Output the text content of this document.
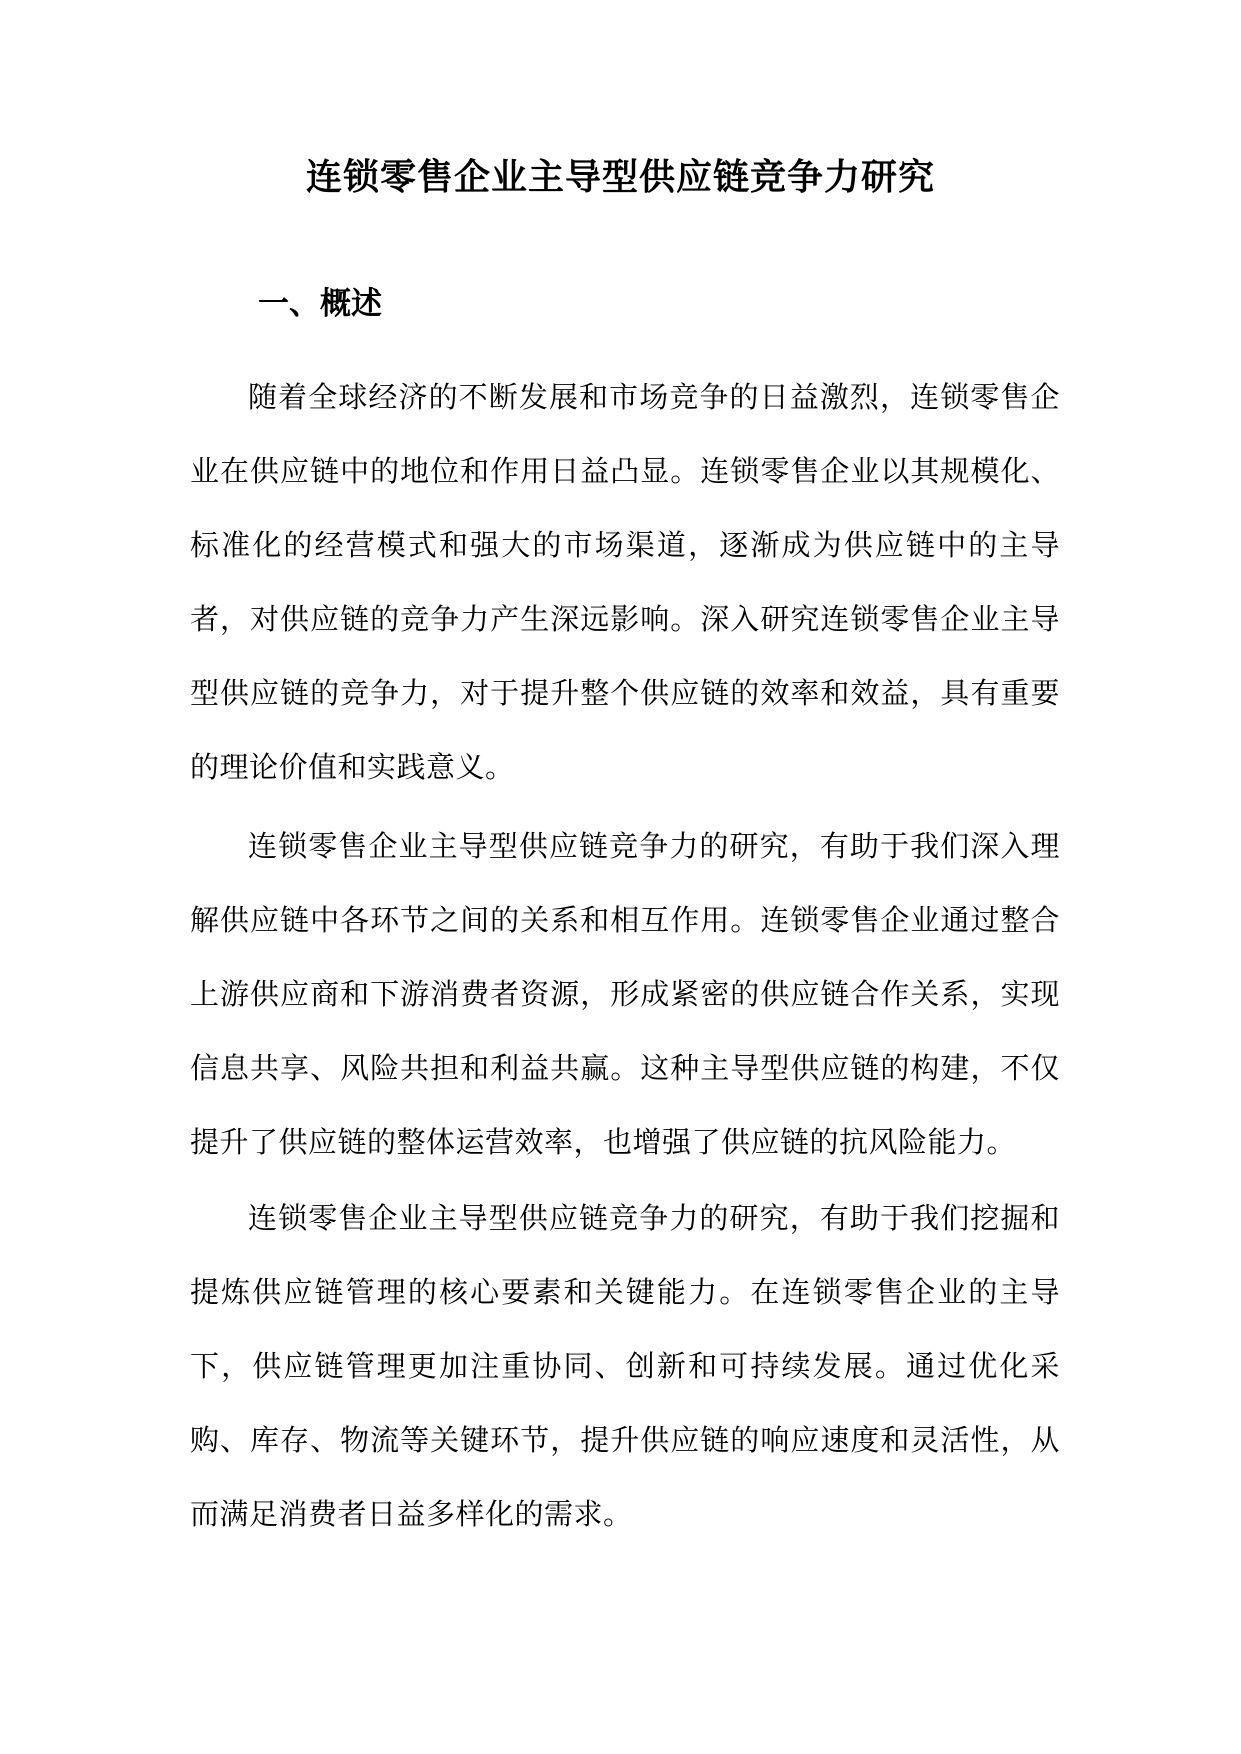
连锁零售企业主导型供应链竞争力研究
一、概述

随着全球经济的不断发展和市场竞争的日益激烈，连锁零售企业在供应链中的地位和作用日益凸显。连锁零售企业以其规模化、标准化的经营模式和强大的市场渠道，逐渐成为供应链中的主导者，对供应链的竞争力产生深远影响。深入研究连锁零售企业主导型供应链的竞争力，对于提升整个供应链的效率和效益，具有重要的理论价值和实践意义。

连锁零售企业主导型供应链竞争力的研究，有助于我们深入理解供应链中各环节之间的关系和相互作用。连锁零售企业通过整合上游供应商和下游消费者资源，形成紧密的供应链合作关系，实现信息共享、风险共担和利益共赢。这种主导型供应链的构建，不仅提升了供应链的整体运营效率，也增强了供应链的抗风险能力。

连锁零售企业主导型供应链竞争力的研究，有助于我们挖掘和提炼供应链管理的核心要素和关键能力。在连锁零售企业的主导下，供应链管理更加注重协同、创新和可持续发展。通过优化采购、库存、物流等关键环节，提升供应链的响应速度和灵活性，从而满足消费者日益多样化的需求。
